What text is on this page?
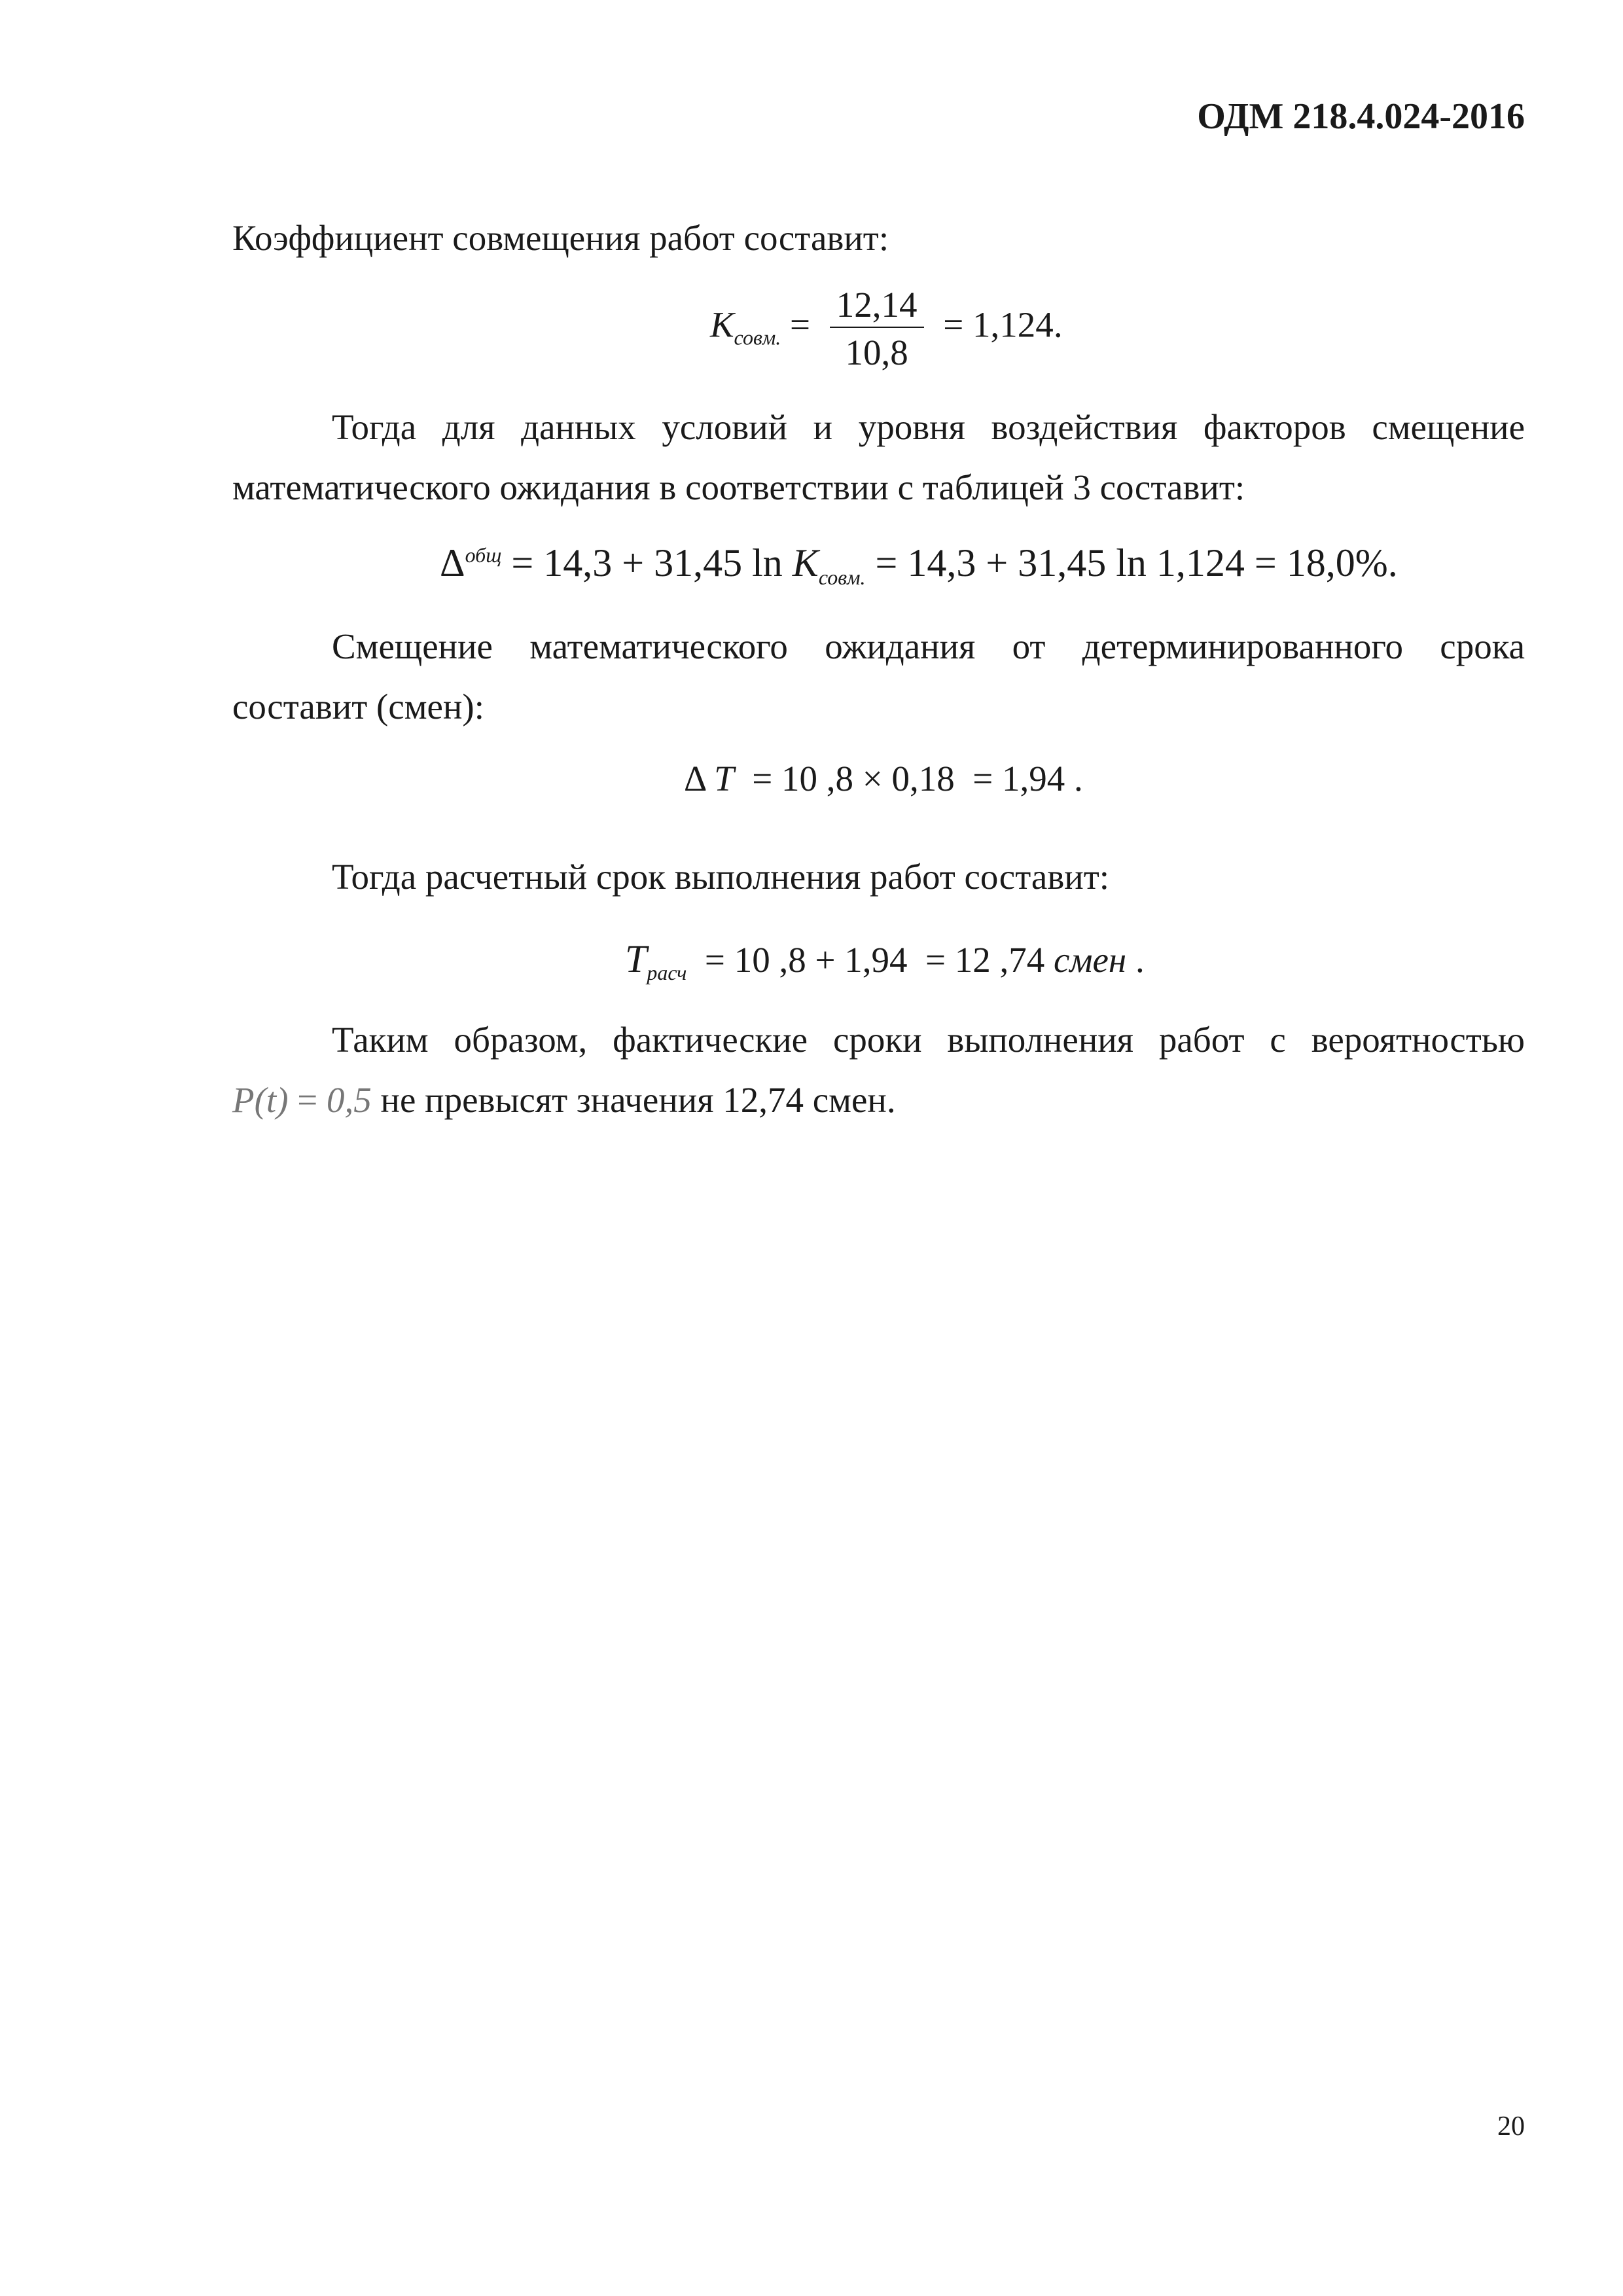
ОДМ 218.4.024-2016

Коэффициент совмещения работ составит:

$К_{совм.} = \frac{12,14}{10,8} = 1,124$.

Тогда для данных условий и уровня воздействия факторов смещение математического ожидания в соответствии с таблицей 3 составит:

$\Delta^{общ} = 14,3 + 31,45$ $\ln K_{совм.} = 14,3 + 31,45$ ln 1,124 = 18,0%.
Смещение математического ожидания от детерминированного срока
составит (смен):
Δ T  = 10 ,8 × 0,18  = 1,94 .

Тогда расчетный срок выполнения работ составит:

$T_{расч} = 10$ ,8 + 1,94  = 12 ,74 смен .
Таким образом, фактические сроки выполнения работ с вероятностью
P(t) = 0,5 не превысят значения 12,74 смен.
20
